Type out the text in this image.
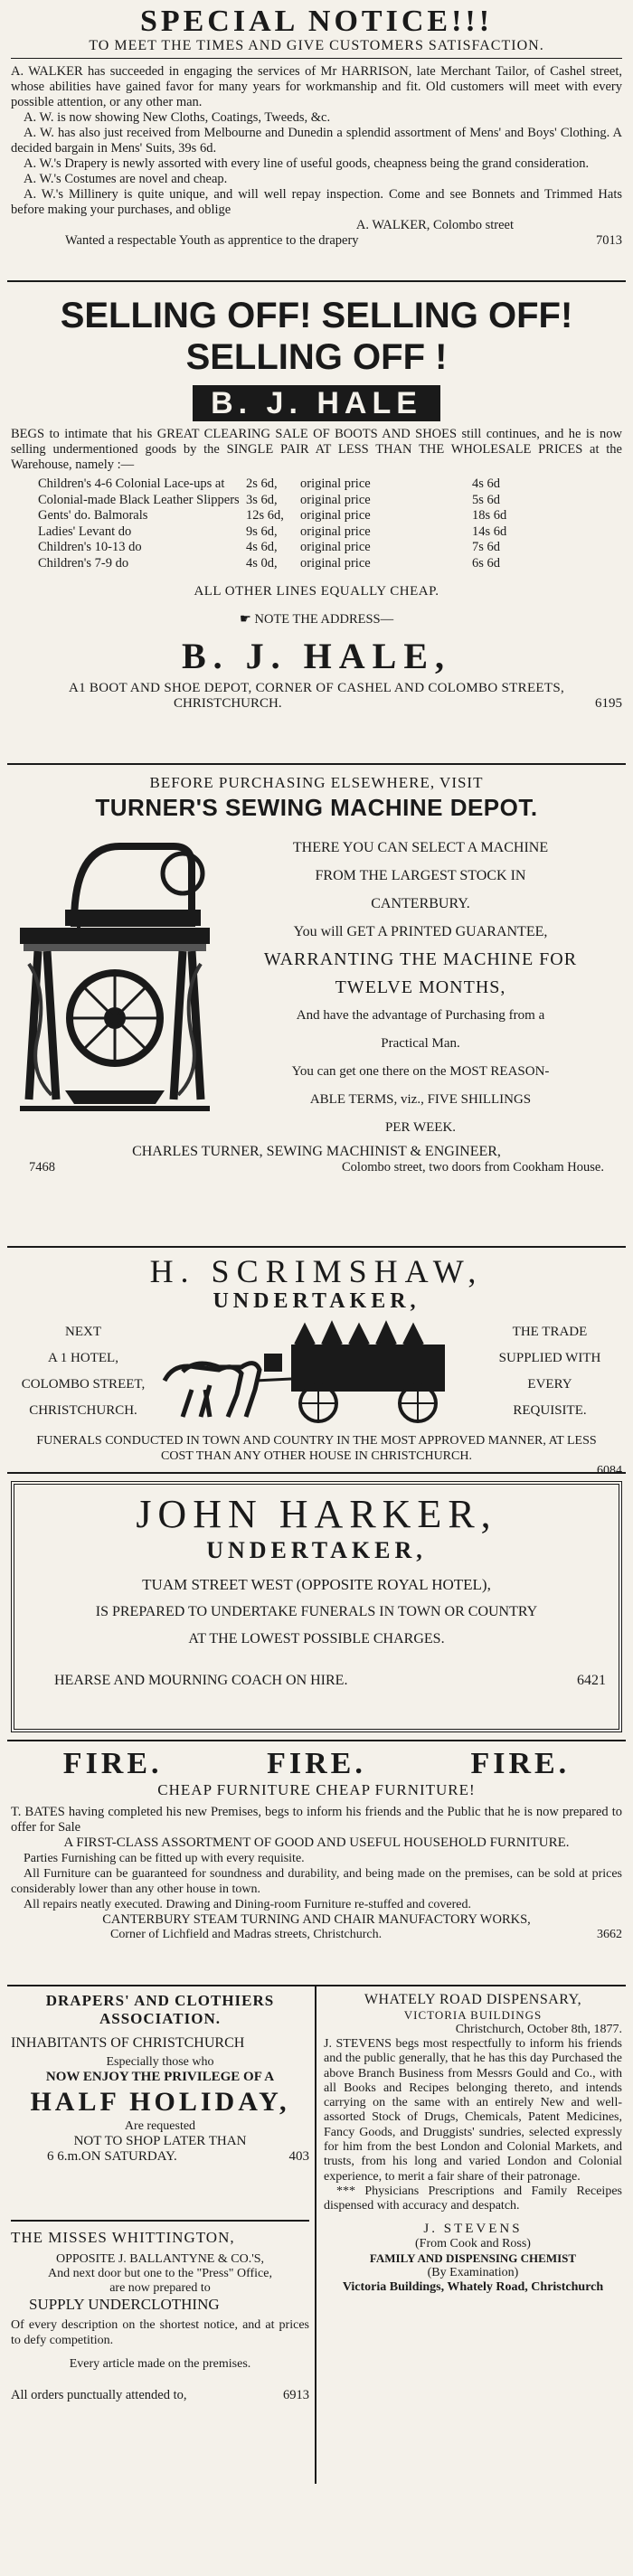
SPECIAL NOTICE!!!
TO MEET THE TIMES AND GIVE CUSTOMERS SATISFACTION.

A. WALKER has succeeded in engaging the services of Mr HARRISON, late Merchant Tailor, of Cashel street, whose abilities have gained favor for many years for workmanship and fit. Old customers will meet with every possible attention, or any other man.

A. W. is now showing New Cloths, Coatings, Tweeds, &c.

A. W. has also just received from Melbourne and Dunedin a splendid assortment of Mens' and Boys' Clothing. A decided bargain in Mens' Suits, 39s 6d.

A. W.'s Drapery is newly assorted with every line of useful goods, cheapness being the grand consideration.

A. W.'s Costumes are novel and cheap.

A. W.'s Millinery is quite unique, and will well repay inspection. Come and see Bonnets and Trimmed Hats before making your purchases, and oblige

A. WALKER, Colombo street
Wanted a respectable Youth as apprentice to the drapery	7013
SELLING OFF! SELLING OFF! SELLING OFF !
B. J. HALE

BEGS to intimate that his GREAT CLEARING SALE OF BOOTS AND SHOES still continues, and he is now selling undermentioned goods by the SINGLE PAIR AT LESS THAN THE WHOLESALE PRICES at the Warehouse, namely :—

Children's 4-6 Colonial Lace-ups at	2s 6d,	original price	4s 6d
Colonial-made Black Leather Slippers 3s 6d,	original price	5s 6d
Gents' do. Balmorals	12s 6d,	original price	18s 6d
Ladies' Levant do	9s 6d,	original price	14s 6d
Children's 10-13 do	4s 6d,	original price	7s 6d
Children's 7-9 do	4s 0d,	original price	6s 6d
ALL OTHER LINES EQUALLY CHEAP.
☛ NOTE THE ADDRESS—
B. J. HALE,
A1 BOOT AND SHOE DEPOT, CORNER OF CASHEL AND COLOMBO STREETS,
CHRISTCHURCH.	6195
BEFORE PURCHASING ELSEWHERE, VISIT
TURNER'S SEWING MACHINE DEPOT.
THERE YOU CAN SELECT A MACHINE
FROM THE LARGEST STOCK IN
CANTERBURY.
You will GET A PRINTED GUARANTEE,
WARRANTING THE MACHINE FOR
TWELVE MONTHS,
And have the advantage of Purchasing from a
Practical Man.
You can get one there on the MOST REASON-
ABLE TERMS, viz., FIVE SHILLINGS
PER WEEK.
CHARLES TURNER, SEWING MACHINIST & ENGINEER,
7468	Colombo street, two doors from Cookham House.
H. SCRIMSHAW,
UNDERTAKER,
NEXT
A 1 HOTEL,
COLOMBO STREET,
CHRISTCHURCH.
THE TRADE
SUPPLIED WITH
EVERY
REQUISITE.

FUNERALS CONDUCTED IN TOWN AND COUNTRY IN THE MOST APPROVED MANNER, AT LESS COST THAN ANY OTHER HOUSE IN CHRISTCHURCH.

6084
JOHN HARKER,
UNDERTAKER,
TUAM STREET WEST (OPPOSITE ROYAL HOTEL),
IS PREPARED TO UNDERTAKE FUNERALS IN TOWN OR COUNTRY
AT THE LOWEST POSSIBLE CHARGES.
HEARSE AND MOURNING COACH ON HIRE.	6421
FIRE.	FIRE.	FIRE.
CHEAP FURNITURE CHEAP FURNITURE!

T. BATES having completed his new Premises, begs to inform his friends and the Public that he is now prepared to offer for Sale

A FIRST-CLASS ASSORTMENT OF GOOD AND USEFUL HOUSEHOLD FURNITURE.

Parties Furnishing can be fitted up with every requisite.

All Furniture can be guaranteed for soundness and durability, and being made on the premises, can be sold at prices considerably lower than any other house in town.

All repairs neatly executed. Drawing and Dining-room Furniture re-stuffed and covered.

CANTERBURY STEAM TURNING AND CHAIR MANUFACTORY WORKS,
Corner of Lichfield and Madras streets, Christchurch.	3662
DRAPERS' AND CLOTHIERS ASSOCIATION.
INHABITANTS OF CHRISTCHURCH
Especially those who
NOW ENJOY THE PRIVILEGE OF A
HALF HOLIDAY,
Are requested
NOT TO SHOP LATER THAN
6 6.m.ON SATURDAY.	403
THE MISSES WHITTINGTON,
OPPOSITE J. BALLANTYNE & CO.'S,
And next door but one to the "Press" Office,
are now prepared to
SUPPLY UNDERCLOTHING

Of every description on the shortest notice, and at prices to defy competition.

Every article made on the premises.
All orders punctually attended to,	6913
WHATELY ROAD DISPENSARY,
VICTORIA BUILDINGS
Christchurch, October 8th, 1877.

J. STEVENS begs most respectfully to inform his friends and the public generally, that he has this day Purchased the above Branch Business from Messrs Gould and Co., with all Books and Recipes belonging thereto, and intends carrying on the same with an entirely New and well-assorted Stock of Drugs, Chemicals, Patent Medicines, Fancy Goods, and Druggists' sundries, selected expressly for him from the best London and Colonial Markets, and trusts, from his long and varied London and Colonial experience, to merit a fair share of their patronage.

*** Physicians Prescriptions and Family Receipes dispensed with accuracy and despatch.

J. STEVENS
(From Cook and Ross)
FAMILY AND DISPENSING CHEMIST
(By Examination)
Victoria Buildings, Whately Road, Christchurch
